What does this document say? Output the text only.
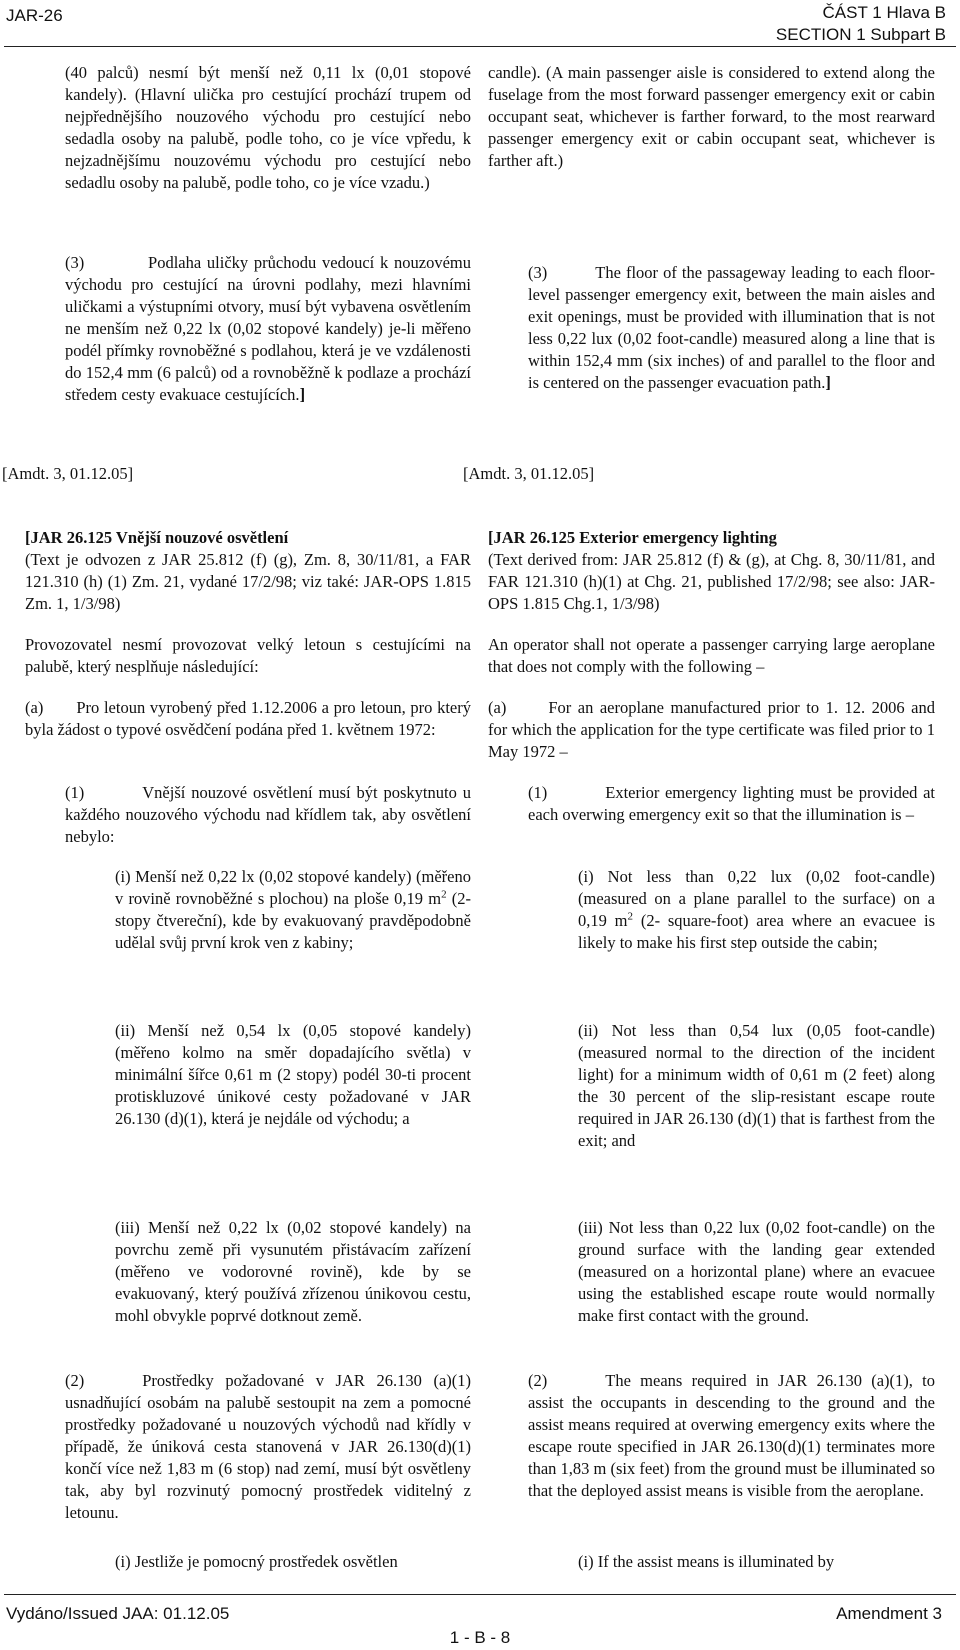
JAR-26	ČÁST 1 Hlava B
SECTION 1 Subpart B

(40 palců) nesmí být menší než 0,11 lx (0,01 stopové kandely). (Hlavní ulička pro cestující prochází trupem od nejpřednějšího nouzového východu pro cestující nebo sedadla osoby na palubě, podle toho, co je více vpředu, k nejzadnějšímu nouzovému východu pro cestující nebo sedadlu osoby na palubě, podle toho, co je více vzadu.)

(3)	Podlaha uličky průchodu vedoucí k nouzovému východu pro cestující na úrovni podlahy, mezi hlavními uličkami a výstupními otvory, musí být vybavena osvětlením ne menším než 0,22 lx (0,02 stopové kandely) je-li měřeno podél přímky rovnoběžné s podlahou, která je ve vzdálenosti do 152,4 mm (6 palců) od a rovnoběžně k podlaze a prochází středem cesty evakuace cestujících.]

[Amdt. 3, 01.12.05]

[JAR 26.125 Vnější nouzové osvětlení

(Text je odvozen z JAR 25.812 (f) (g), Zm. 8, 30/11/81, a FAR 121.310 (h) (1) Zm. 21, vydané 17/2/98; viz také: JAR-OPS 1.815 Zm. 1, 1/3/98)

Provozovatel nesmí provozovat velký letoun s cestujícími na palubě, který nesplňuje následující:

(a) Pro letoun vyrobený před 1.12.2006 a pro letoun, pro který byla žádost o typové osvědčení podána před 1. květnem 1972:

(1)	Vnější nouzové osvětlení musí být poskytnuto u každého nouzového východu nad křídlem tak, aby osvětlení nebylo:

(i) Menší než 0,22 lx (0,02 stopové kandely) (měřeno v rovině rovnoběžné s plochou) na ploše 0,19 $m^2$ (2- stopy čtvereční), kde by evakuovaný pravděpodobně udělal svůj první krok ven z kabiny;

(ii) Menší než 0,54 lx (0,05 stopové kandely) (měřeno kolmo na směr dopadajícího světla) v minimální šířce 0,61 m (2 stopy) podél 30-ti procent protiskluzové únikové cesty požadované v JAR 26.130 (d)(1), která je nejdále od východu; a

(iii) Menší než 0,22 lx (0,02 stopové kandely) na povrchu země při vysunutém přistávacím zařízení (měřeno ve vodorovné rovině), kde by se evakuovaný, který používá zřízenou únikovou cestu, mohl obvykle poprvé dotknout země.

(2)	Prostředky požadované v JAR 26.130 (a)(1) usnadňující osobám na palubě sestoupit na zem a pomocné prostředky požadované u nouzových východů nad křídly v případě, že úniková cesta stanovená v JAR 26.130(d)(1) končí více než 1,83 m (6 stop) nad zemí, musí být osvětleny tak, aby byl rozvinutý pomocný prostředek viditelný z letounu.

(i) Jestliže je pomocný prostředek osvětlen

candle). (A main passenger aisle is considered to extend along the fuselage from the most forward passenger emergency exit or cabin occupant seat, whichever is farther forward, to the most rearward passenger emergency exit or cabin occupant seat, whichever is farther aft.)

(3)	The floor of the passageway leading to each floor-level passenger emergency exit, between the main aisles and exit openings, must be provided with illumination that is not less 0,22 lux (0,02 foot-candle) measured along a line that is within 152,4 mm (six inches) of and parallel to the floor and is centered on the passenger evacuation path.]

[Amdt. 3, 01.12.05]

[JAR 26.125 Exterior emergency lighting

(Text derived from: JAR 25.812 (f) & (g), at Chg. 8, 30/11/81, and FAR 121.310 (h)(1) at Chg. 21, published 17/2/98; see also: JAR-OPS 1.815 Chg.1, 1/3/98)

An operator shall not operate a passenger carrying large aeroplane that does not comply with the following –

(a)	For an aeroplane manufactured prior to 1. 12. 2006 and for which the application for the type certificate was filed prior to 1 May 1972 –

(1)	Exterior emergency lighting must be provided at each overwing emergency exit so that the illumination is –

(i) Not less than 0,22 lux (0,02 foot-candle) (measured on a plane parallel to the surface) on a 0,19 $m^2$ (2- square-foot) area where an evacuee is likely to make his first step outside the cabin;

(ii) Not less than 0,54 lux (0,05 foot-candle) (measured normal to the direction of the incident light) for a minimum width of 0,61 m (2 feet) along the 30 percent of the slip-resistant escape route required in JAR 26.130 (d)(1) that is farthest from the exit; and

(iii) Not less than 0,22 lux (0,02 foot-candle) on the ground surface with the landing gear extended (measured on a horizontal plane) where an evacuee using the established escape route would normally make first contact with the ground.

(2)	The means required in JAR 26.130 (a)(1), to assist the occupants in descending to the ground and the assist means required at overwing emergency exits where the escape route specified in JAR 26.130(d)(1) terminates more than 1,83 m (six feet) from the ground must be illuminated so that the deployed assist means is visible from the aeroplane.

(i) If the assist means is illuminated by

Vydáno/Issued JAA: 01.12.05	Amendment 3
1 - B - 8
